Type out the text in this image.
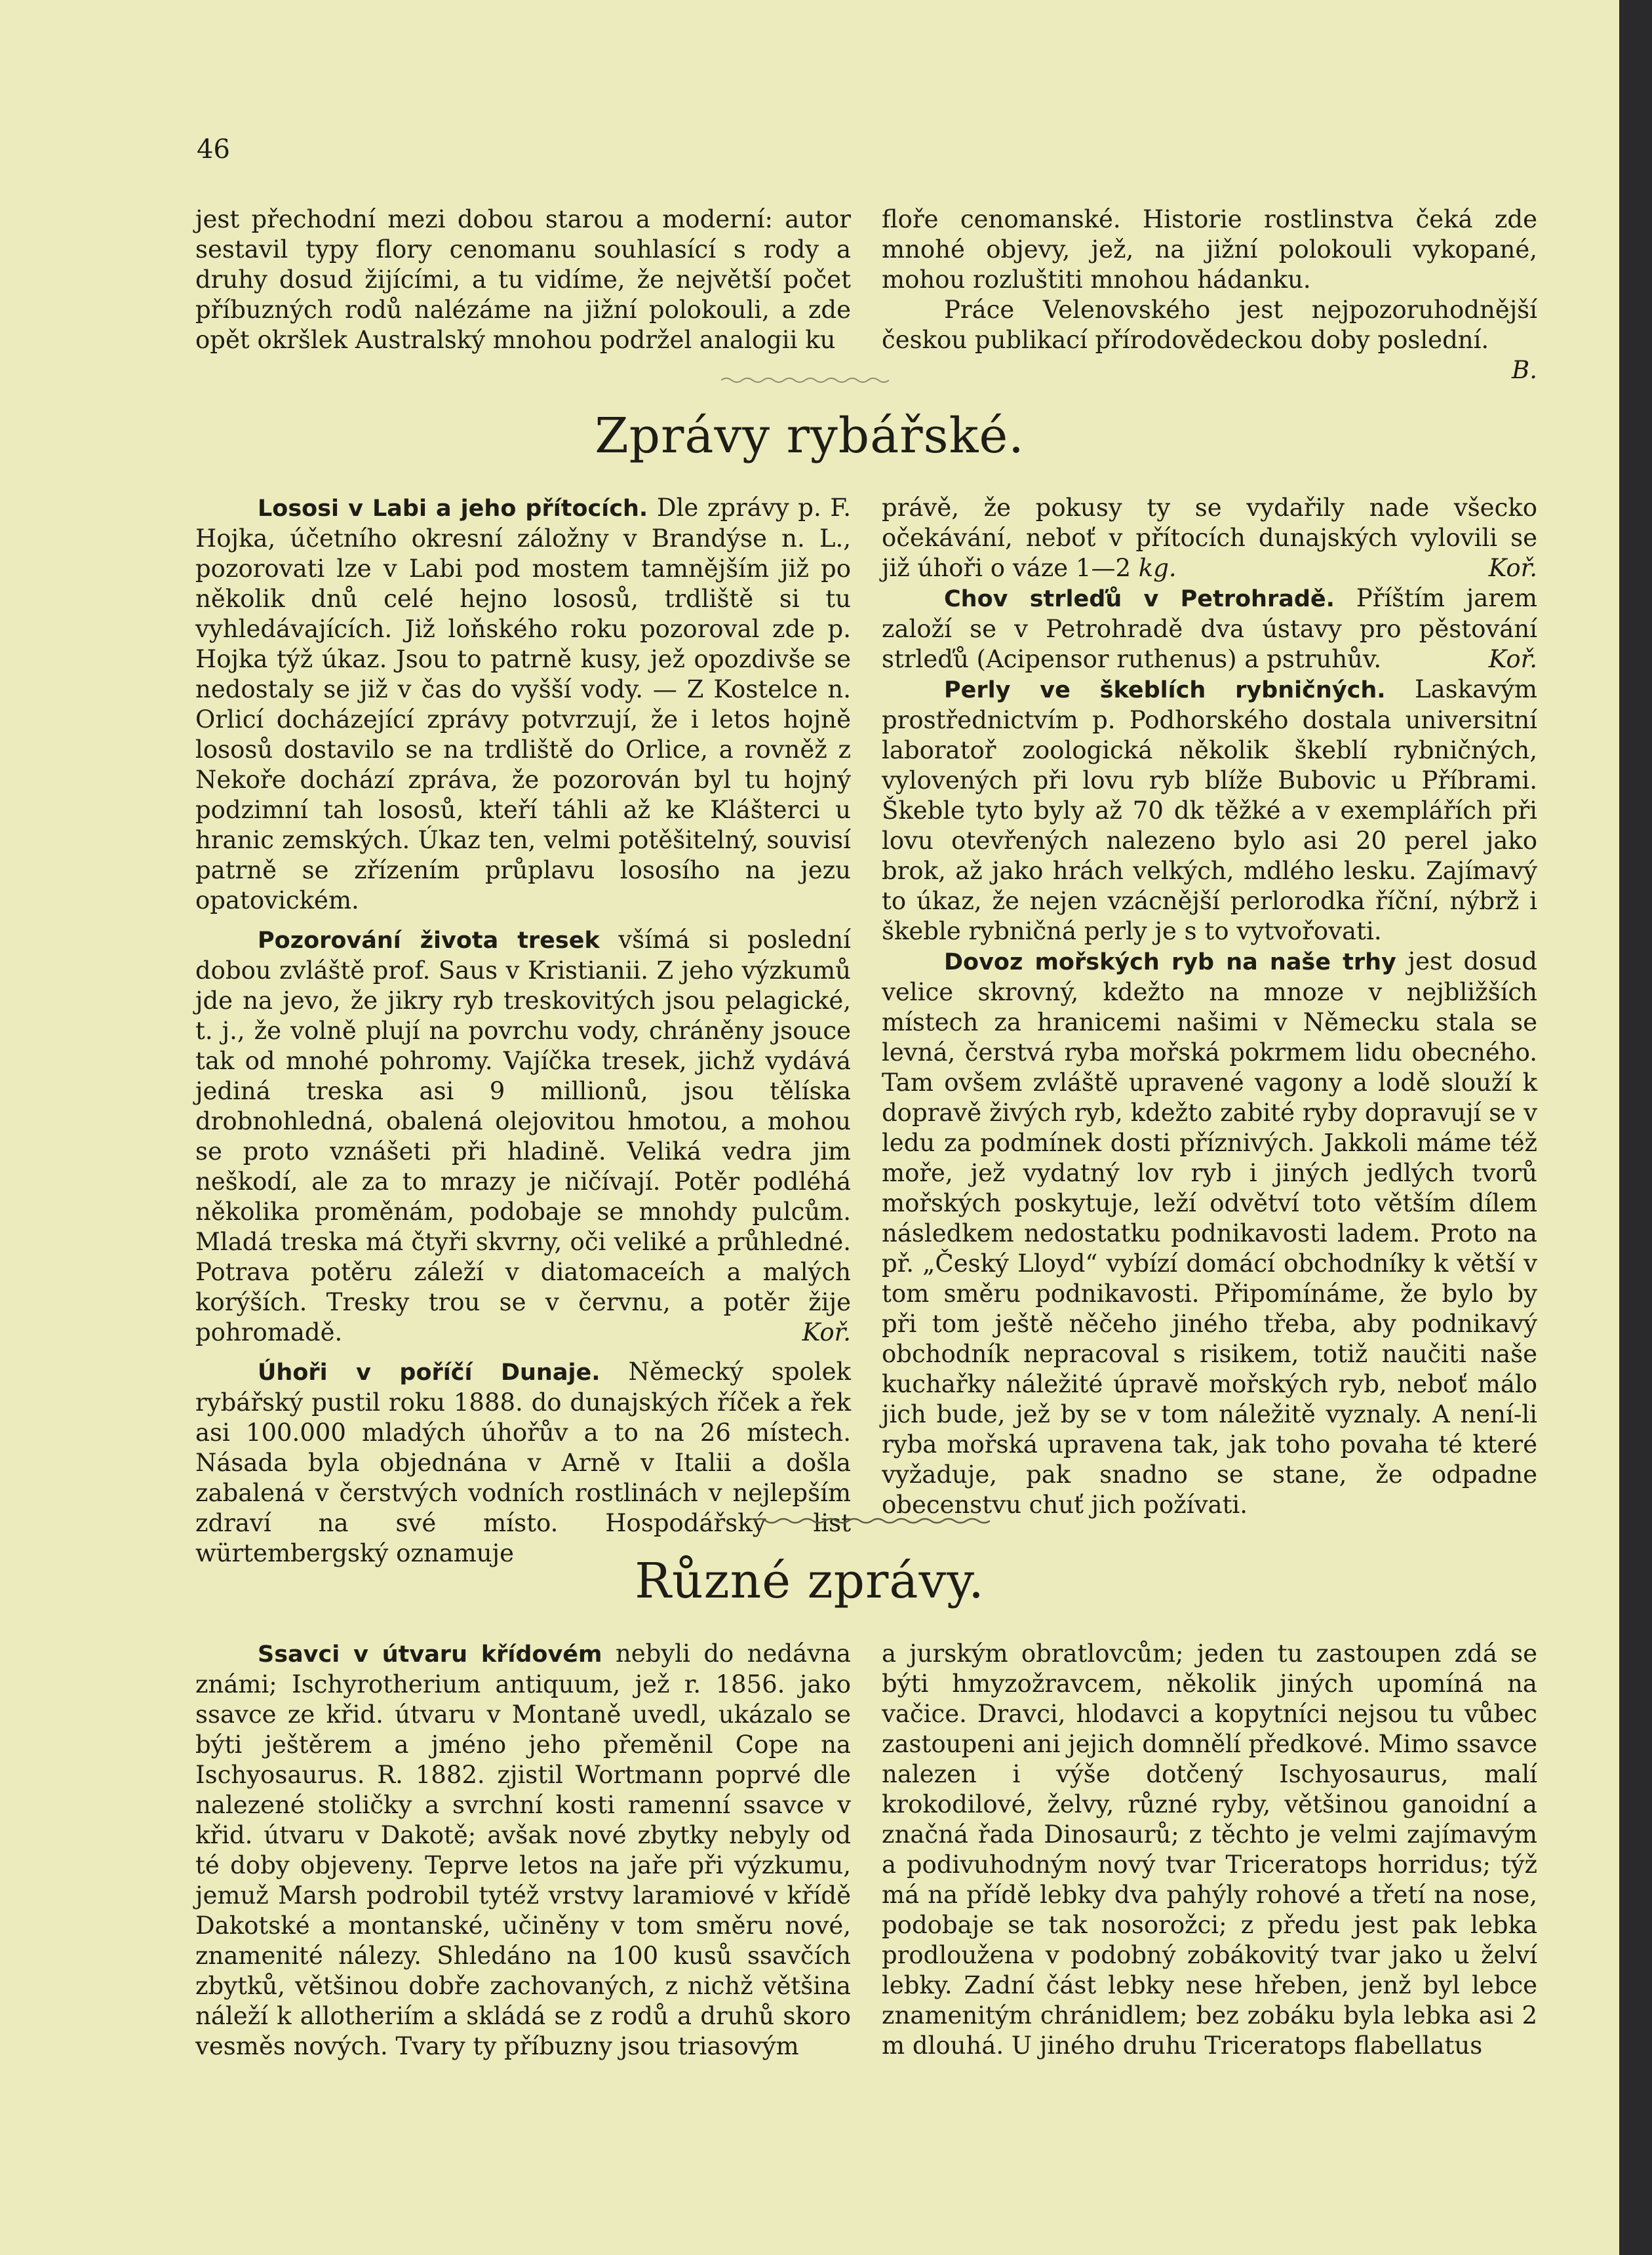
46

jest přechodní mezi dobou starou a moderní: autor sestavil typy flory cenomanu souhlasící s rody a druhy dosud žijícími, a tu vidíme, že největší počet příbuzných rodů nalézáme na jižní polokouli, a zde opět okršlek Australský mnohou podržel analogii ku

floře cenomanské. Historie rostlinstva čeká zde mnohé objevy, jež, na jižní polokouli vykopané, mohou rozluštiti mnohou hádanku.

Práce Velenovského jest nejpozoruhodnější českou publikací přírodovědeckou doby poslední.
B.

Zprávy rybářské.

Lososi v Labi a jeho přítocích. Dle zprávy p. F. Hojka, účetního okresní záložny v Brandýse n. L., pozorovati lze v Labi pod mostem tamnějším již po několik dnů celé hejno lososů, trdliště si tu vyhledávajících. Již loňského roku pozoroval zde p. Hojka týž úkaz. Jsou to patrně kusy, jež opozdivše se nedostaly se již v čas do vyšší vody. — Z Kostelce n. Orlicí docházející zprávy potvrzují, že i letos hojně lososů dostavilo se na trdliště do Orlice, a rovněž z Nekoře dochází zpráva, že pozorován byl tu hojný podzimní tah lososů, kteří táhli až ke Klášterci u hranic zemských. Úkaz ten, velmi potěšitelný, souvisí patrně se zřízením průplavu lososího na jezu opatovickém.

Pozorování života tresek všímá si poslední dobou zvláště prof. Saus v Kristianii. Z jeho výzkumů jde na jevo, že jikry ryb treskovitých jsou pelagické, t. j., že volně plují na povrchu vody, chráněny jsouce tak od mnohé pohromy. Vajíčka tresek, jichž vydává jediná treska asi 9 millionů, jsou tělíska drobnohledná, obalená olejovitou hmotou, a mohou se proto vznášeti při hladině. Veliká vedra jim neškodí, ale za to mrazy je ničívají. Potěr podléhá několika proměnám, podobaje se mnohdy pulcům. Mladá treska má čtyři skvrny, oči veliké a průhledné. Potrava potěru záleží v diatomaceích a malých korýších. Tresky trou se v červnu, a potěr žije pohromadě.	Koř.

Úhoři v poříčí Dunaje. Německý spolek rybářský pustil roku 1888. do dunajských říček a řek asi 100.000 mladých úhořův a to na 26 místech. Násada byla objednána v Arně v Italii a došla zabalená v čerstvých vodních rostlinách v nejlepším zdraví na své místo. Hospodářský list würtembergský oznamuje

právě, že pokusy ty se vydařily nade všecko očekávání, neboť v přítocích dunajských vylovili se již úhoři o váze 1—2 kg.	Koř.

Chov strleďů v Petrohradě. Příštím jarem založí se v Petrohradě dva ústavy pro pěstování strleďů (Acipensor ruthenus) a pstruhův.	Koř.

Perly ve škeblích rybničných. Laskavým prostřednictvím p. Podhorského dostala universitní laboratoř zoologická několik škeblí rybničných, vylovených při lovu ryb blíže Bubovic u Příbrami. Škeble tyto byly až 70 dk těžké a v exemplářích při lovu otevřených nalezeno bylo asi 20 perel jako brok, až jako hrách velkých, mdlého lesku. Zajímavý to úkaz, že nejen vzácnější perlorodka říční, nýbrž i škeble rybničná perly je s to vytvořovati.

Dovoz mořských ryb na naše trhy jest dosud velice skrovný, kdežto na mnoze v nejbližších místech za hranicemi našimi v Německu stala se levná, čerstvá ryba mořská pokrmem lidu obecného. Tam ovšem zvláště upravené vagony a lodě slouží k dopravě živých ryb, kdežto zabité ryby dopravují se v ledu za podmínek dosti příznivých. Jakkoli máme též moře, jež vydatný lov ryb i jiných jedlých tvorů mořských poskytuje, leží odvětví toto větším dílem následkem nedostatku podnikavosti ladem. Proto na př. „Český Lloyd“ vybízí domácí obchodníky k větší v tom směru podnikavosti. Připomínáme, že bylo by při tom ještě něčeho jiného třeba, aby podnikavý obchodník nepracoval s risikem, totiž naučiti naše kuchařky náležité úpravě mořských ryb, neboť málo jich bude, jež by se v tom náležitě vyznaly. A není-li ryba mořská upravena tak, jak toho povaha té které vyžaduje, pak snadno se stane, že odpadne obecenstvu chuť jich požívati.

Různé zprávy.

Ssavci v útvaru křídovém nebyli do nedávna známi; Ischyrotherium antiquum, jež r. 1856. jako ssavce ze křid. útvaru v Montaně uvedl, ukázalo se býti ještěrem a jméno jeho přeměnil Cope na Ischyosaurus. R. 1882. zjistil Wortmann poprvé dle nalezené stoličky a svrchní kosti ramenní ssavce v křid. útvaru v Dakotě; avšak nové zbytky nebyly od té doby objeveny. Teprve letos na jaře při výzkumu, jemuž Marsh podrobil tytéž vrstvy laramiové v křídě Dakotské a montanské, učiněny v tom směru nové, znamenité nálezy. Shledáno na 100 kusů ssavčích zbytků, většinou dobře zachovaných, z nichž většina náleží k allotheriím a skládá se z rodů a druhů skoro vesměs nových. Tvary ty příbuzny jsou triasovým

a jurským obratlovcům; jeden tu zastoupen zdá se býti hmyzožravcem, několik jiných upomíná na vačice. Dravci, hlodavci a kopytníci nejsou tu vůbec zastoupeni ani jejich domnělí předkové. Mimo ssavce nalezen i výše dotčený Ischyosaurus, malí krokodilové, želvy, různé ryby, většinou ganoidní a značná řada Dinosaurů; z těchto je velmi zajímavým a podivuhodným nový tvar Triceratops horridus; týž má na přídě lebky dva pahýly rohové a třetí na nose, podobaje se tak nosorožci; z předu jest pak lebka prodloužena v podobný zobákovitý tvar jako u želví lebky. Zadní část lebky nese hřeben, jenž byl lebce znamenitým chránidlem; bez zobáku byla lebka asi 2 m dlouhá. U jiného druhu Triceratops flabellatus
